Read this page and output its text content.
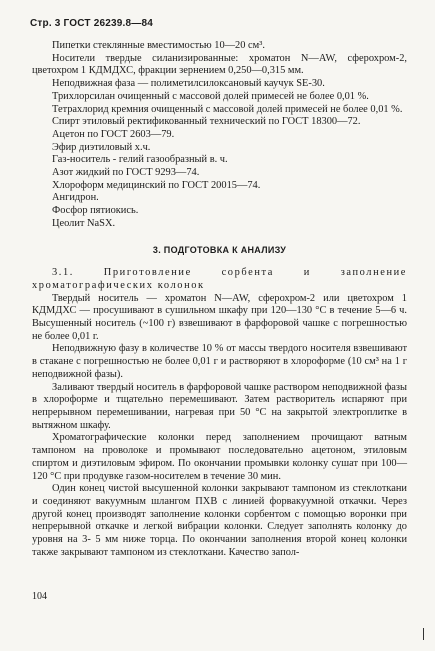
Стр. 3 ГОСТ 26239.8—84

Пипетки стеклянные вместимостью 10—20 см³.

Носители твердые силанизированные: хроматон N—AW, сферохром-2, цветохром 1 КДМДХС, фракции зернением 0,250—0,315 мм.

Неподвижная фаза — полиметилсилоксановый каучук SE-30.

Трихлорсилан очищенный с массовой долей примесей не более 0,01 %.

Тетрахлорид кремния очищенный с массовой долей примесей не более 0,01 %.

Спирт этиловый ректификованный технический по ГОСТ 18300—72.

Ацетон по ГОСТ 2603—79.

Эфир диэтиловый х.ч.

Газ-носитель - гелий газообразный в. ч.

Азот жидкий по ГОСТ 9293—74.

Хлороформ медицинский по ГОСТ 20015—74.

Ангидрон.

Фосфор пятиокись.

Цеолит NaSX.

3. ПОДГОТОВКА К АНАЛИЗУ

3.1. Приготовление сорбента и заполнение хроматографических колонок

Твердый носитель — хроматон N—AW, сферохром-2 или цветохром 1 КДМДХС — просушивают в сушильном шкафу при 120—130 °C в течение 5—6 ч. Высушенный носитель (~100 г) взвешивают в фарфоровой чашке с погрешностью не более 0,01 г.

Неподвижную фазу в количестве 10 % от массы твердого носителя взвешивают в стакане с погрешностью не более 0,01 г и растворяют в хлороформе (10 см³ на 1 г неподвижной фазы).

Заливают твердый носитель в фарфоровой чашке раствором неподвижной фазы в хлороформе и тщательно перемешивают. Затем растворитель испаряют при непрерывном перемешивании, нагревая при 50 °C на закрытой электроплитке в вытяжном шкафу.

Хроматографические колонки перед заполнением прочищают ватным тампоном на проволоке и промывают последовательно ацетоном, этиловым спиртом и диэтиловым эфиром. По окончании промывки колонку сушат при 100—120 °C при продувке газом-носителем в течение 30 мин.

Один конец чистой высушенной колонки закрывают тампоном из стеклоткани и соединяют вакуумным шлангом ПХВ с линией форвакуумной откачки. Через другой конец производят заполнение колонки сорбентом с помощью воронки при непрерывной откачке и легкой вибрации колонки. Следует заполнять колонку до уровня на 3- 5 мм ниже торца. По окончании заполнения второй конец колонки также закрывают тампоном из стеклоткани. Качество запол-

104
